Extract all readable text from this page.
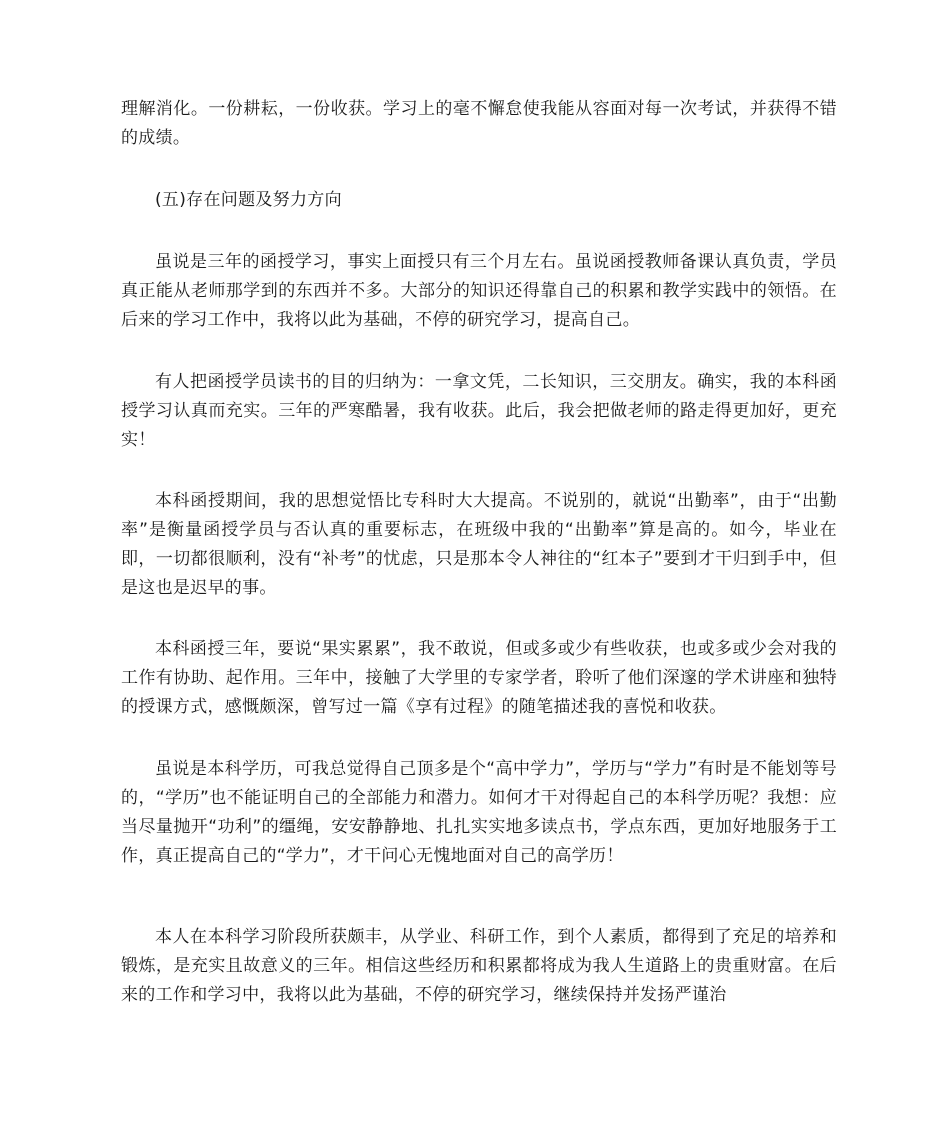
理解消化。一份耕耘，一份收获。学习上的毫不懈怠使我能从容面对每一次考试，并获得不错的成绩。

(五)存在问题及努力方向

虽说是三年的函授学习，事实上面授只有三个月左右。虽说函授教师备课认真负责，学员真正能从老师那学到的东西并不多。大部分的知识还得靠自己的积累和教学实践中的领悟。在后来的学习工作中，我将以此为基础，不停的研究学习，提高自己。

有人把函授学员读书的目的归纳为：一拿文凭，二长知识，三交朋友。确实，我的本科函授学习认真而充实。三年的严寒酷暑，我有收获。此后，我会把做老师的路走得更加好，更充实！

本科函授期间，我的思想觉悟比专科时大大提高。不说别的，就说“出勤率”，由于“出勤率”是衡量函授学员与否认真的重要标志，在班级中我的“出勤率”算是高的。如今，毕业在即，一切都很顺利，没有“补考”的忧虑，只是那本令人神往的“红本子”要到才干归到手中，但是这也是迟早的事。

本科函授三年，要说“果实累累”，我不敢说，但或多或少有些收获，也或多或少会对我的工作有协助、起作用。三年中，接触了大学里的专家学者，聆听了他们深邃的学术讲座和独特的授课方式，感慨颇深，曾写过一篇《享有过程》的随笔描述我的喜悦和收获。

虽说是本科学历，可我总觉得自己顶多是个“高中学力”，学历与“学力”有时是不能划等号的，“学历”也不能证明自己的全部能力和潜力。如何才干对得起自己的本科学历呢？我想：应当尽量抛开“功利”的缰绳，安安静静地、扎扎实实地多读点书，学点东西，更加好地服务于工作，真正提高自己的“学力”，才干问心无愧地面对自己的高学历！

本人在本科学习阶段所获颇丰，从学业、科研工作，到个人素质，都得到了充足的培养和锻炼，是充实且故意义的三年。相信这些经历和积累都将成为我人生道路上的贵重财富。在后来的工作和学习中，我将以此为基础，不停的研究学习，继续保持并发扬严谨治
